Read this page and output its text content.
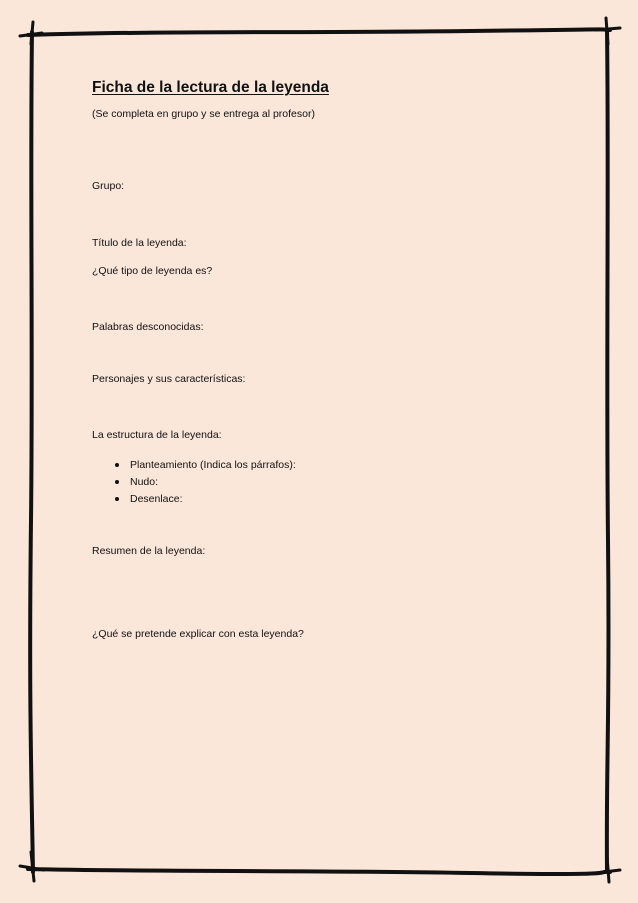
Ficha de la lectura de la leyenda
(Se completa en grupo y se entrega al profesor)
Grupo:
Título de la leyenda:
¿Qué tipo de leyenda es?
Palabras desconocidas:
Personajes y sus características:
La estructura de la leyenda:
Planteamiento (Indica los párrafos):
Nudo:
Desenlace:
Resumen de la leyenda:
¿Qué se pretende explicar con esta leyenda?
